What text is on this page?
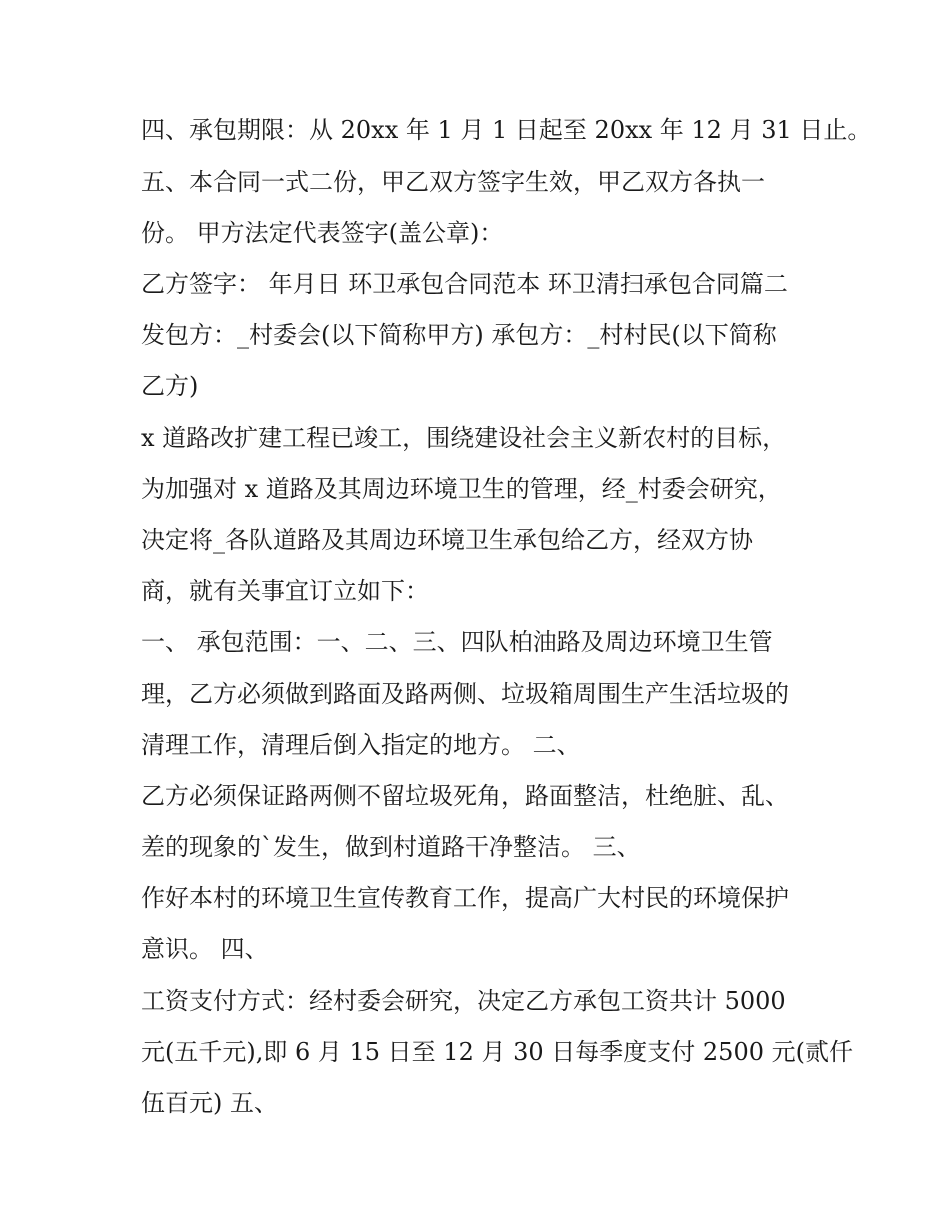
四、承包期限：从 20xx 年 1 月 1 日起至 20xx 年 12 月 31 日止。
五、本合同一式二份，甲乙双方签字生效，甲乙双方各执一
份。 甲方法定代表签字(盖公章)：
乙方签字： 年月日 环卫承包合同范本 环卫清扫承包合同篇二
发包方：_村委会(以下简称甲方) 承包方：_村村民(以下简称
乙方)
x 道路改扩建工程已竣工，围绕建设社会主义新农村的目标，
为加强对 x 道路及其周边环境卫生的管理，经_村委会研究，
决定将_各队道路及其周边环境卫生承包给乙方，经双方协
商，就有关事宜订立如下：
一、 承包范围：一、二、三、四队柏油路及周边环境卫生管
理，乙方必须做到路面及路两侧、垃圾箱周围生产生活垃圾的
清理工作，清理后倒入指定的地方。 二、
乙方必须保证路两侧不留垃圾死角，路面整洁，杜绝脏、乱、
差的现象的`发生，做到村道路干净整洁。 三、
作好本村的环境卫生宣传教育工作，提高广大村民的环境保护
意识。 四、
工资支付方式：经村委会研究，决定乙方承包工资共计 5000
元(五千元),即 6 月 15 日至 12 月 30 日每季度支付 2500 元(贰仟
伍百元) 五、
